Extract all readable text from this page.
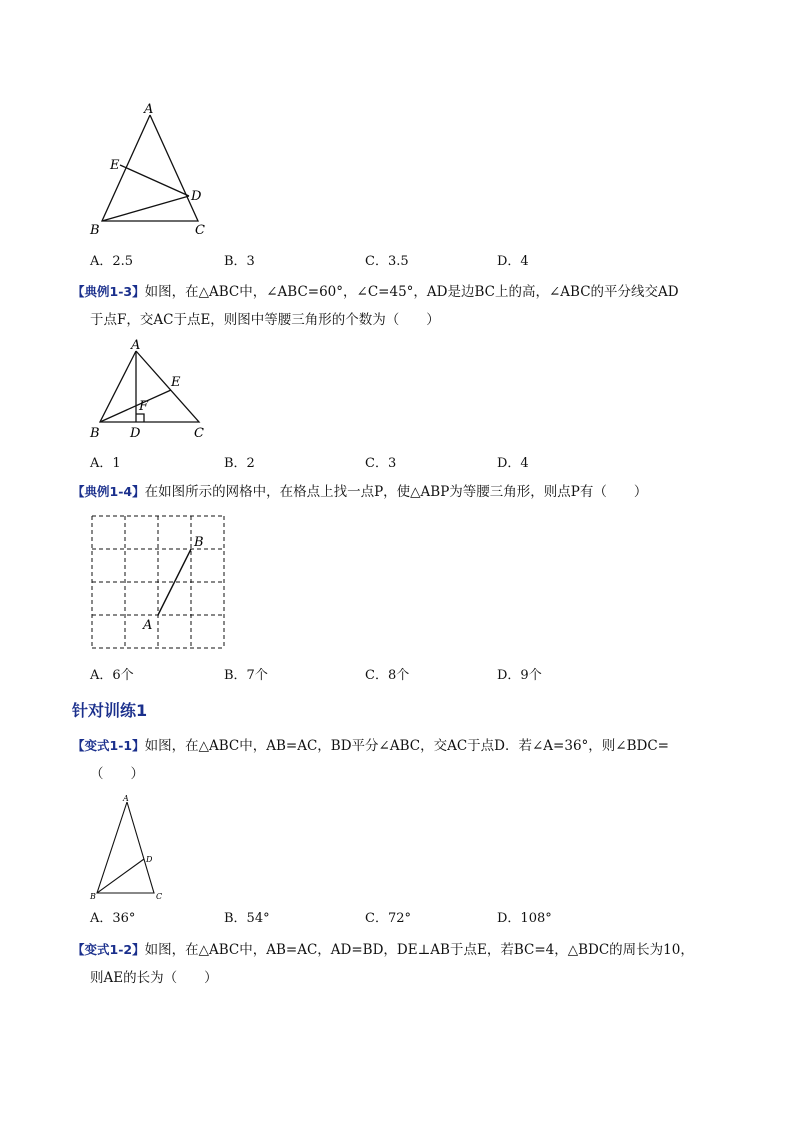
A
E
D
B	C
A．2.5	B．3	C．3.5	D．4
【典例1-3】如图，在△ABC中，∠ABC=60°，∠C=45°，AD是边BC上的高，∠ABC的平分线交AD
于点F，交AC于点E，则图中等腰三角形的个数为（　　）
A
E
F
B D	C
A．1	B．2	C．3	D．4
【典例1-4】在如图所示的网格中，在格点上找一点P，使△ABP为等腰三角形，则点P有（　　）
B
A
A．6个	B．7个	C．8个	D．9个
针对训练1
【变式1-1】如图，在△ABC中，AB=AC，BD平分∠ABC，交AC于点D．若∠A=36°，则∠BDC=
（　　）
A
D
B	C
A．36°	B．54°	C．72°	D．108°
【变式1-2】如图，在△ABC中，AB=AC，AD=BD，DE⊥AB于点E，若BC=4，△BDC的周长为10，
则AE的长为（　　）
